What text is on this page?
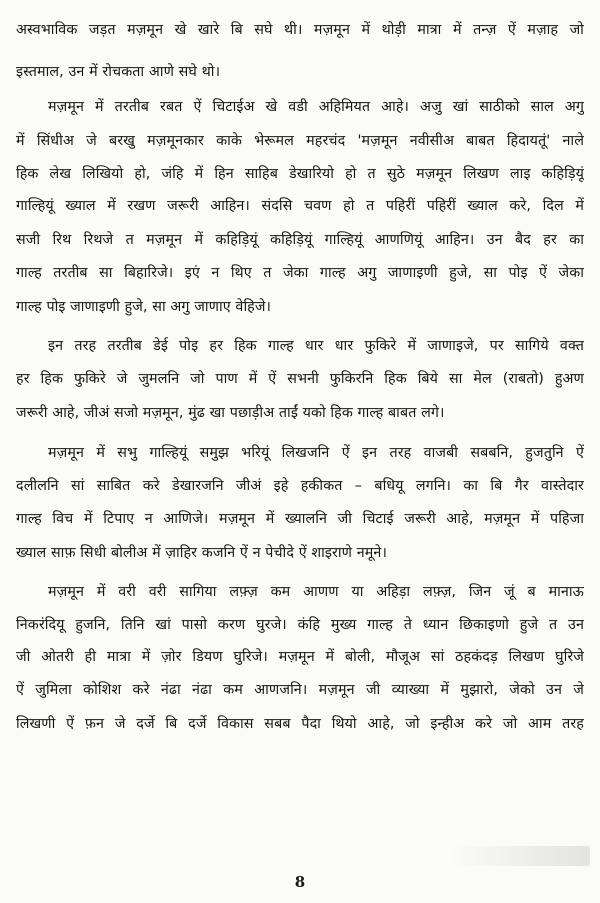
अस्वभाविक जड़त मज़मून खे खारे बि सघे थी। मज़मून में थोड़ी मात्रा में तन्ज़ ऐं मज़ाह जो
इस्तमाल, उन में रोचकता आणे सघे थो।
मज़मून में तरतीब रबत ऐं चिटाईअ खे वडी अहिमियत आहे। अजु खां साठीको साल अगु
में सिंधीअ जे बरखु मज़मूनकार काके भेरूमल महरचंद 'मज़मून नवीसीअ बाबत हिदायतूं' नाले
हिक लेख लिखियो हो, जंहि में हिन साहिब डेखारियो हो त सुठे मज़मून लिखण लाइ कहिड़ियूं
गाल्हियूं ख्याल में रखण जरूरी आहिन। संदसि चवण हो त पहिरीं पहिरीं ख्याल करे, दिल में
सजी रिथ रिथजे त मज़मून में कहिड़ियूं कहिड़ियूं गाल्हियूं आणणियूं आहिन। उन बैद हर का
गाल्ह तरतीब सा बिहारिजे। इएं न थिए त जेका गाल्ह अगु जाणाइणी हुजे, सा पोइ ऐं जेका
गाल्ह पोइ जाणाइणी हुजे, सा अगु जाणाए वेहिजे।
इन तरह तरतीब डेई पोइ हर हिक गाल्ह धार धार फुकिरे में जाणाइजे, पर सागिये वक्त
हर हिक फुकिरे जे जुमलनि जो पाण में ऐं सभनी फुकिरनि हिक बिये सा मेल (राबतो) हुअण
जरूरी आहे, जीअं सजो मज़मून, मुंढ खा पछाड़ीअ ताईं यको हिक गाल्ह बाबत लगे।
मज़मून में सभु गाल्हियूं समुझ भरियूं लिखजनि ऐं इन तरह वाजबी सबबनि, हुजतुनि ऐं
दलीलनि सां साबित करे डेखारजनि जीअं इहे हकीकत – बधियू लगनि। का बि गैर वास्तेदार
गाल्ह विच में टिपाए न आणिजे। मज़मून में ख्यालनि जी चिटाई जरूरी आहे, मज़मून में पहिजा
ख्याल साफ़ सिधी बोलीअ में ज़ाहिर कजनि ऐं न पेचीदे ऐं शाइराणे नमूने।
मज़मून में वरी वरी सागिया लफ़्ज़ कम आणण या अहिड़ा लफ़्ज़, जिन जूं ब मानाऊ
निकरंदियू हुजनि, तिनि खां पासो करण घुरजे। कंहि मुख्य गाल्ह ते ध्यान छिकाइणो हुजे त उन
जी ओतरी ही मात्रा में ज़ोर डियण घुरिजे। मज़मून में बोली, मौजूअ सां ठहकंदड़ लिखण घुरिजे
ऐं जुमिला कोशिश करे नंढा नंढा कम आणजनि। मज़मून जी व्याख्या में मुझारो, जेको उन जे
लिखणी ऐं फ़न जे दर्जे बि दर्जे विकास सबब पैदा थियो आहे, जो इन्हीअ करे जो आम तरह
8
